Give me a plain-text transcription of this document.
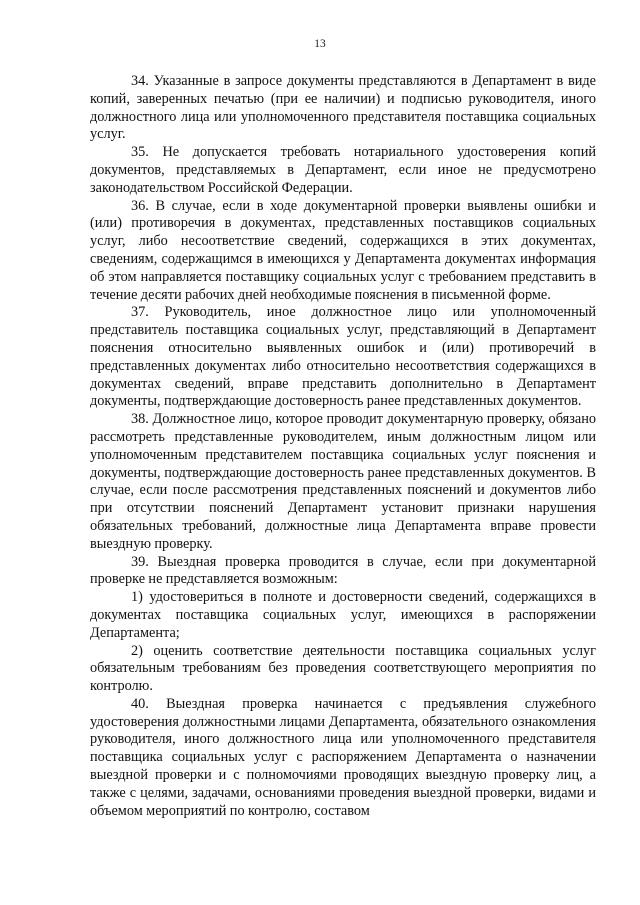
13

34. Указанные в запросе документы представляются в Департамент в виде копий, заверенных печатью (при ее наличии) и подписью руководителя, иного должностного лица или уполномоченного представителя поставщика социальных услуг.

35. Не допускается требовать нотариального удостоверения копий документов, представляемых в Департамент, если иное не предусмотрено законодательством Российской Федерации.

36. В случае, если в ходе документарной проверки выявлены ошибки и (или) противоречия в документах, представленных поставщиков социальных услуг, либо несоответствие сведений, содержащихся в этих документах, сведениям, содержащимся в имеющихся у Департамента документах информация об этом направляется поставщику социальных услуг с требованием представить в течение десяти рабочих дней необходимые пояснения в письменной форме.

37. Руководитель, иное должностное лицо или уполномоченный представитель поставщика социальных услуг, представляющий в Департамент пояснения относительно выявленных ошибок и (или) противоречий в представленных документах либо относительно несоответствия содержащихся в документах сведений, вправе представить дополнительно в Департамент документы, подтверждающие достоверность ранее представленных документов.

38. Должностное лицо, которое проводит документарную проверку, обязано рассмотреть представленные руководителем, иным должностным лицом или уполномоченным представителем поставщика социальных услуг пояснения и документы, подтверждающие достоверность ранее представленных документов. В случае, если после рассмотрения представленных пояснений и документов либо при отсутствии пояснений Департамент установит признаки нарушения обязательных требований, должностные лица Департамента вправе провести выездную проверку.

39. Выездная проверка проводится в случае, если при документарной проверке не представляется возможным:

1) удостовериться в полноте и достоверности сведений, содержащихся в документах поставщика социальных услуг, имеющихся в распоряжении Департамента;

2) оценить соответствие деятельности поставщика социальных услуг обязательным требованиям без проведения соответствующего мероприятия по контролю.

40. Выездная проверка начинается с предъявления служебного удостоверения должностными лицами Департамента, обязательного ознакомления руководителя, иного должностного лица или уполномоченного представителя поставщика социальных услуг с распоряжением Департамента о назначении выездной проверки и с полномочиями проводящих выездную проверку лиц, а также с целями, задачами, основаниями проведения выездной проверки, видами и объемом мероприятий по контролю, составом
